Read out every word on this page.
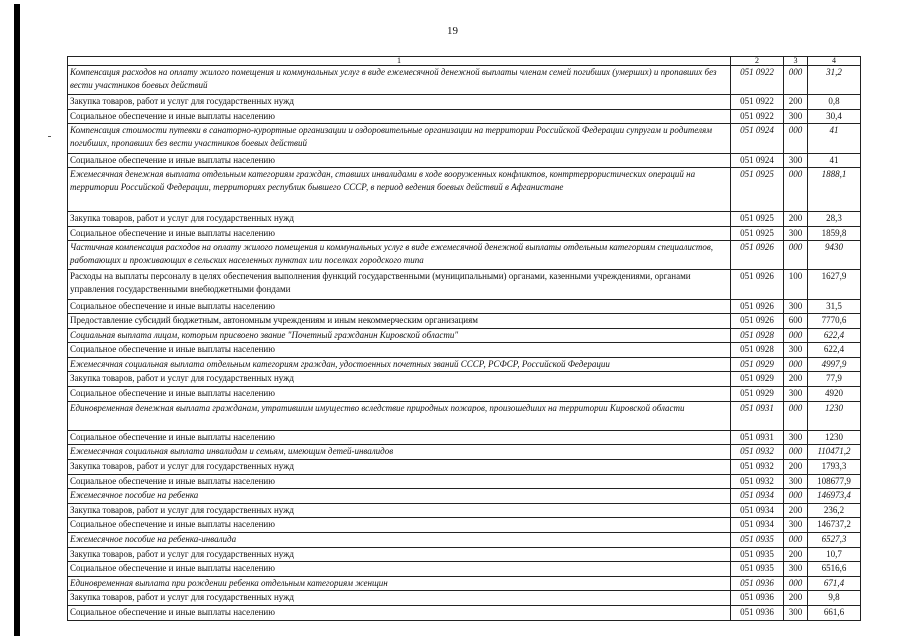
19
1	2	3	4
Компенсация расходов на оплату жилого помещения и коммунальных услуг в виде ежемесячной денежной выплаты членам семей погибших (умерших) и пропавших без вести участников боевых действий	051 0922	000	31,2
Закупка товаров, работ и услуг для государственных нужд	051 0922	200	0,8
Социальное обеспечение и иные выплаты населению	051 0922	300	30,4
Компенсация стоимости путевки в санаторно-курортные организации и оздоровительные организации на территории Российской Федерации супругам и родителям погибших, пропавших без вести участников боевых действий	051 0924	000	41
Социальное обеспечение и иные выплаты населению	051 0924	300	41
Ежемесячная денежная выплата отдельным категориям граждан, ставших инвалидами в ходе вооруженных конфликтов, контртеррористических операций на территории Российской Федерации, территориях республик бывшего СССР, в период ведения боевых действий в Афганистане	051 0925	000	1888,1
Закупка товаров, работ и услуг для государственных нужд	051 0925	200	28,3
Социальное обеспечение и иные выплаты населению	051 0925	300	1859,8
Частичная компенсация расходов на оплату жилого помещения и коммунальных услуг в виде ежемесячной денежной выплаты отдельным категориям специалистов, работающих и проживающих в сельских населенных пунктах или поселках городского типа	051 0926	000	9430
Расходы на выплаты персоналу в целях обеспечения выполнения функций государственными (муниципальными) органами, казенными учреждениями, органами управления государственными внебюджетными фондами	051 0926	100	1627,9
Социальное обеспечение и иные выплаты населению	051 0926	300	31,5
Предоставление субсидий бюджетным, автономным учреждениям и иным некоммерческим организациям	051 0926	600	7770,6
Социальная выплата лицам, которым присвоено звание "Почетный гражданин Кировской области"	051 0928	000	622,4
Социальное обеспечение и иные выплаты населению	051 0928	300	622,4
Ежемесячная социальная выплата отдельным категориям граждан, удостоенных почетных званий СССР, РСФСР, Российской Федерации	051 0929	000	4997,9
Закупка товаров, работ и услуг для государственных нужд	051 0929	200	77,9
Социальное обеспечение и иные выплаты населению	051 0929	300	4920
Единовременная денежная выплата гражданам, утратившим имущество вследствие природных пожаров, произошедших на территории Кировской области	051 0931	000	1230
Социальное обеспечение и иные выплаты населению	051 0931	300	1230
Ежемесячная социальная выплата инвалидам и семьям, имеющим детей-инвалидов	051 0932	000	110471,2
Закупка товаров, работ и услуг для государственных нужд	051 0932	200	1793,3
Социальное обеспечение и иные выплаты населению	051 0932	300	108677,9
Ежемесячное пособие на ребенка	051 0934	000	146973,4
Закупка товаров, работ и услуг для государственных нужд	051 0934	200	236,2
Социальное обеспечение и иные выплаты населению	051 0934	300	146737,2
Ежемесячное пособие на ребенка-инвалида	051 0935	000	6527,3
Закупка товаров, работ и услуг для государственных нужд	051 0935	200	10,7
Социальное обеспечение и иные выплаты населению	051 0935	300	6516,6
Единовременная выплата при рождении ребенка отдельным категориям женщин	051 0936	000	671,4
Закупка товаров, работ и услуг для государственных нужд	051 0936	200	9,8
Социальное обеспечение и иные выплаты населению	051 0936	300	661,6
